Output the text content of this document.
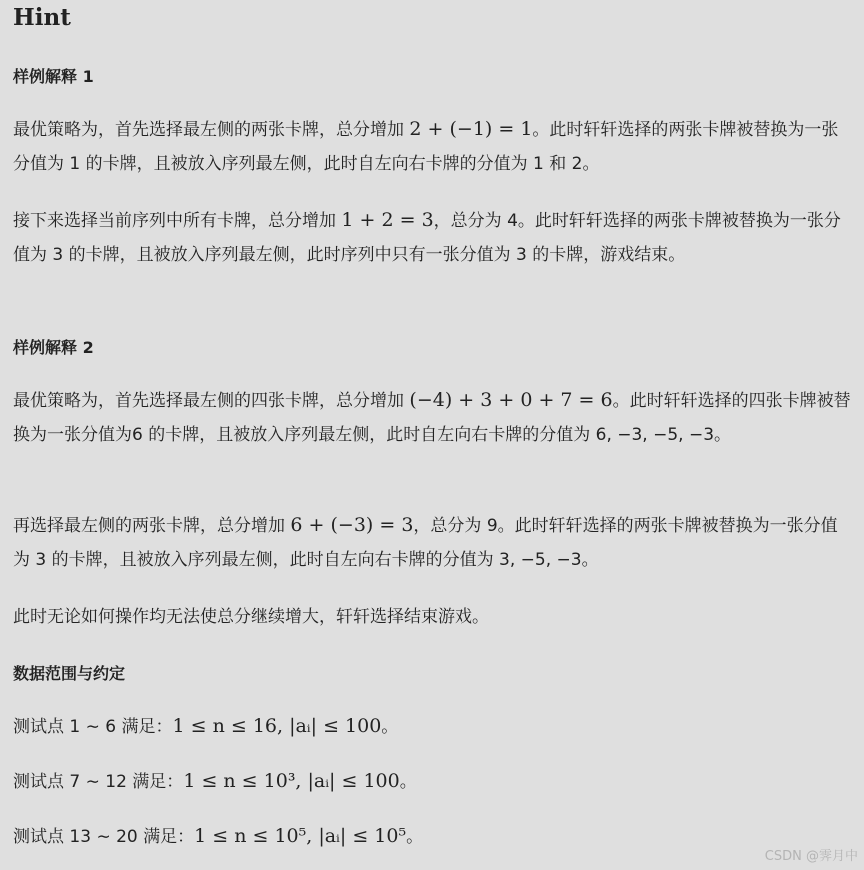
Hint
样例解释 1

最优策略为，首先选择最左侧的两张卡牌，总分增加 2 + (−1) = 1。此时轩轩选择的两张卡牌被替换为一张分值为 1 的卡牌，且被放入序列最左侧，此时自左向右卡牌的分值为 1 和 2。

接下来选择当前序列中所有卡牌，总分增加 1 + 2 = 3，总分为 4。此时轩轩选择的两张卡牌被替换为一张分值为 3 的卡牌，且被放入序列最左侧，此时序列中只有一张分值为 3 的卡牌，游戏结束。

样例解释 2

最优策略为，首先选择最左侧的四张卡牌，总分增加 (−4) + 3 + 0 + 7 = 6。此时轩轩选择的四张卡牌被替换为一张分值为6 的卡牌，且被放入序列最左侧，此时自左向右卡牌的分值为 6, −3, −5, −3。

再选择最左侧的两张卡牌，总分增加 6 + (−3) = 3，总分为 9。此时轩轩选择的两张卡牌被替换为一张分值为 3 的卡牌，且被放入序列最左侧，此时自左向右卡牌的分值为 3, −5, −3。

此时无论如何操作均无法使总分继续增大，轩轩选择结束游戏。

数据范围与约定

测试点 1 ∼ 6 满足：1 ≤ n ≤ 16, |aᵢ| ≤ 100。

测试点 7 ∼ 12 满足：1 ≤ n ≤ 10³, |aᵢ| ≤ 100。

测试点 13 ∼ 20 满足：1 ≤ n ≤ 10⁵, |aᵢ| ≤ 10⁵。

CSDN @霁月中
